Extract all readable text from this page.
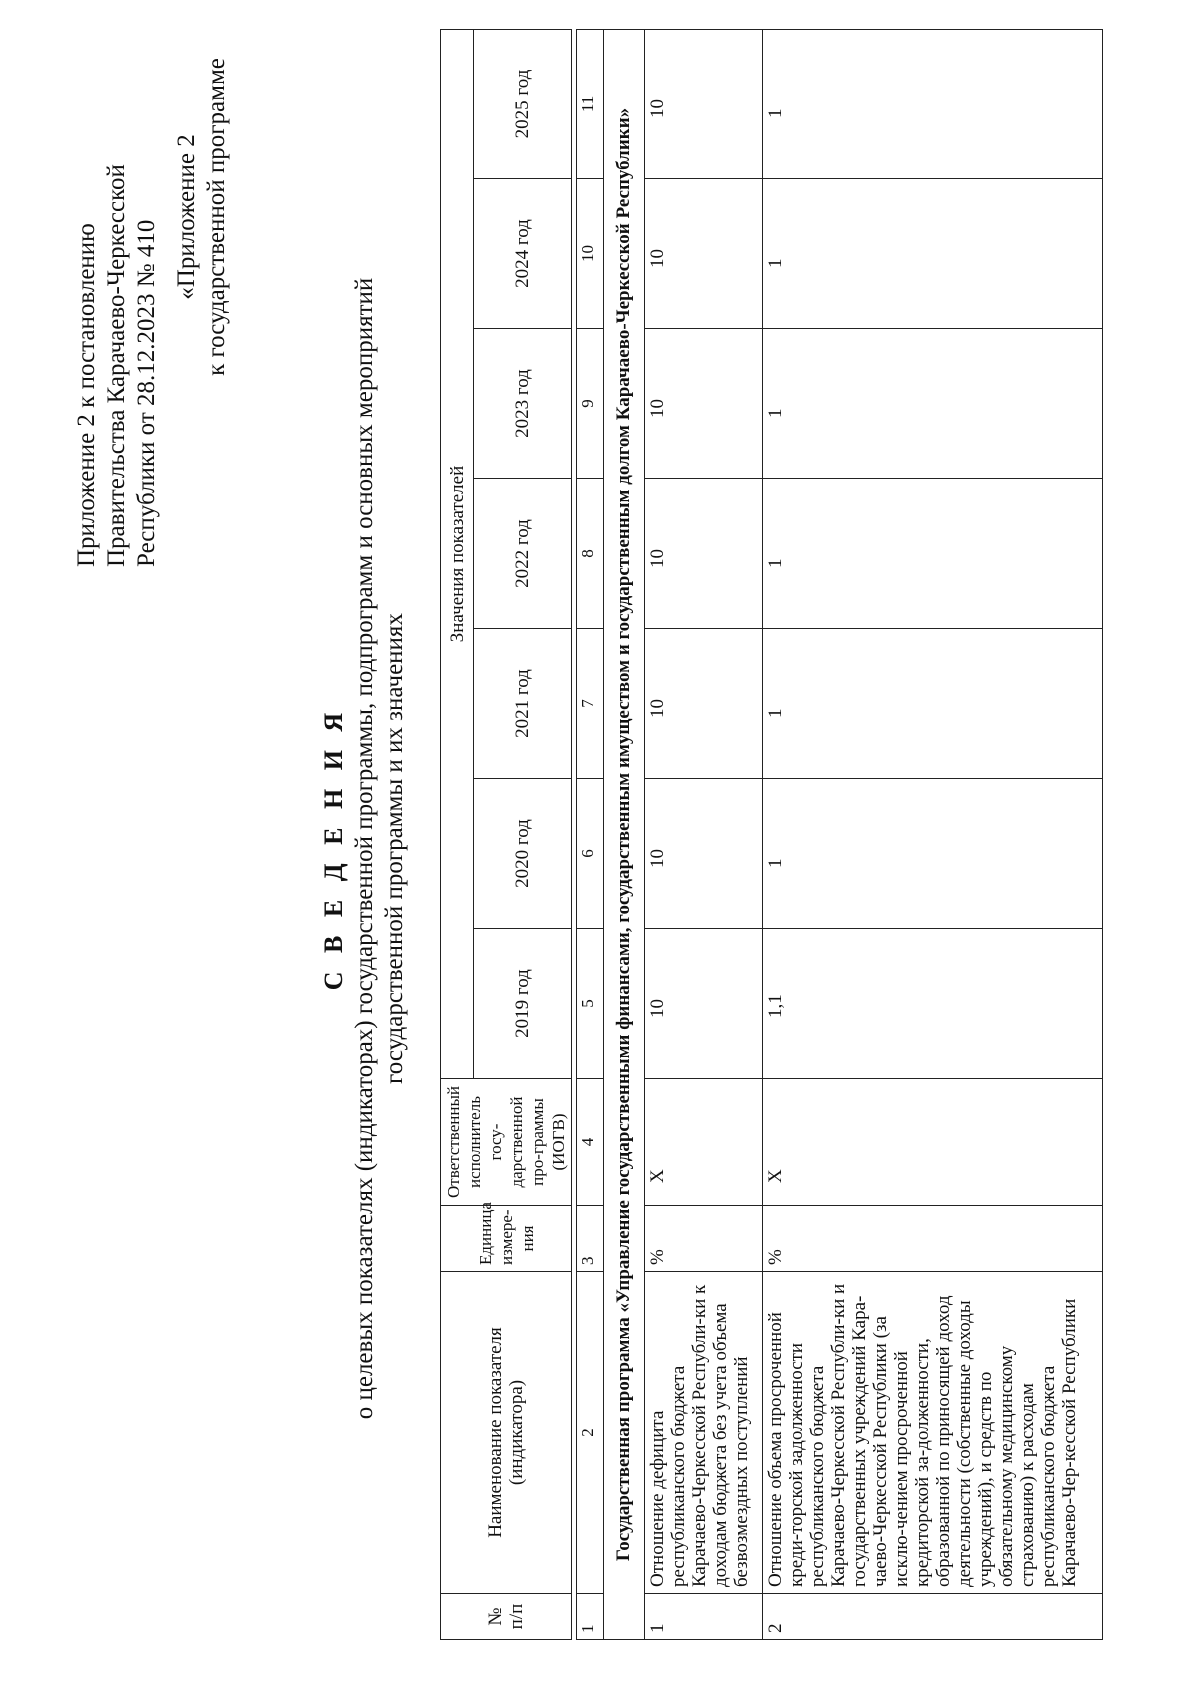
Приложение 2 к постановлению Правительства Карачаево-Черкесской Республики от 28.12.2023 № 410
«Приложение 2 к государственной программе
С В Е Д Е Н И Я о целевых показателях (индикаторах) государственной программы, подпрограмм и основных мероприятий государственной программы и их значениях
№ п/п	Наименование показателя (индикатора)	Единица измере-ния	Ответственный исполнитель госу-дарственной про-граммы (ИОГВ)	Значения показателей						
				2019 год	2020 год	2021 год	2022 год	2023 год	2024 год	2025 год

1	2	3	4	5	6	7	8	9	10	11
Государственная программа «Управление государственными финансами, государственным имуществом и государственным долгом Карачаево-Черкесской Республики»										
1	Отношение дефицита республиканского бюджета Карачаево-Черкесской Республи-ки к доходам бюджета без учета объема безвозмездных поступлений	%	Х	10	10	10	10	10	10	10
2	Отношение объема просроченной креди-торской задолженности республиканского бюджета Карачаево-Черкесской Республи-ки и государственных учреждений Кара-чаево-Черкесской Республики (за исклю-чением просроченной кредиторской за-долженности, образованной по приносящей доход деятельности (собственные доходы учреждений), и средств по обязательному медицинскому страхованию) к расходам республиканского бюджета Карачаево-Чер-кесской Республики	%	Х	1,1	1	1	1	1	1	1
